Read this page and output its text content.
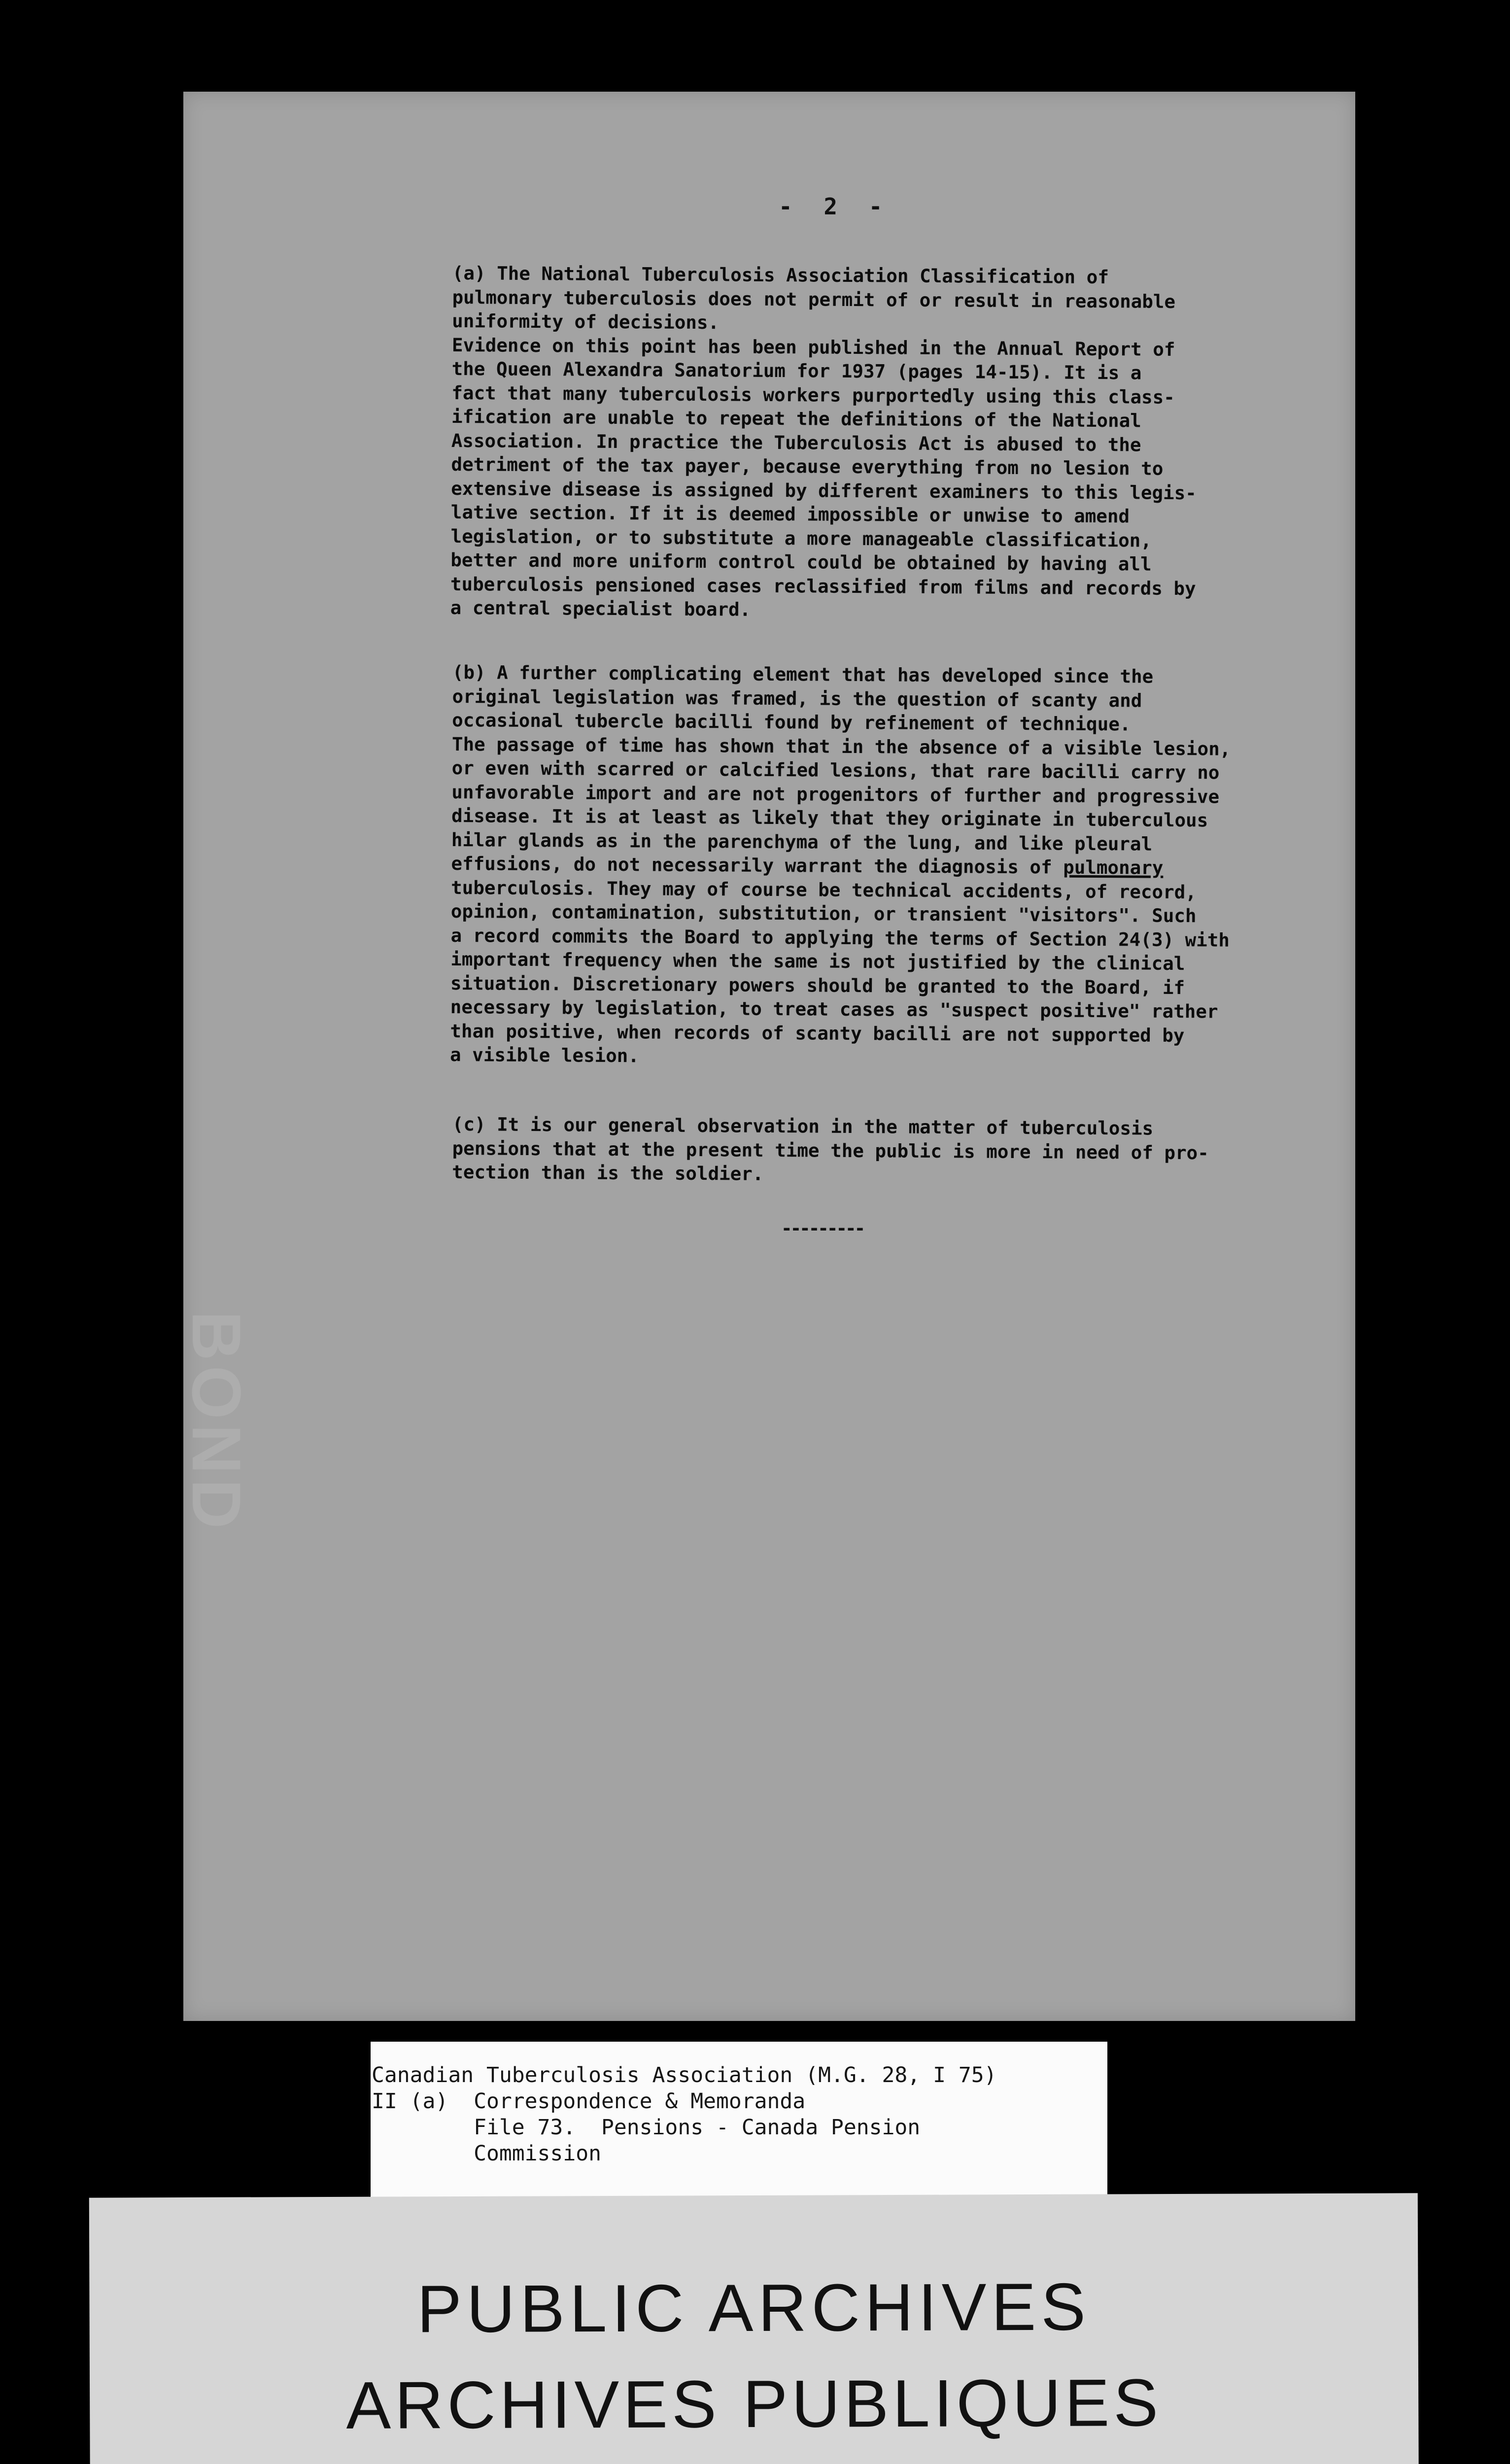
BOND
- 2 -
(a) The National Tuberculosis Association Classification of
pulmonary tuberculosis does not permit of or result in reasonable
uniformity of decisions.
Evidence on this point has been published in the Annual Report of
the Queen Alexandra Sanatorium for 1937 (pages 14-15). It is a
fact that many tuberculosis workers purportedly using this class-
ification are unable to repeat the definitions of the National
Association. In practice the Tuberculosis Act is abused to the
detriment of the tax payer, because everything from no lesion to
extensive disease is assigned by different examiners to this legis-
lative section. If it is deemed impossible or unwise to amend
legislation, or to substitute a more manageable classification,
better and more uniform control could be obtained by having all
tuberculosis pensioned cases reclassified from films and records by
a central specialist board.
(b) A further complicating element that has developed since the
original legislation was framed, is the question of scanty and
occasional tubercle bacilli found by refinement of technique.
The passage of time has shown that in the absence of a visible lesion,
or even with scarred or calcified lesions, that rare bacilli carry no
unfavorable import and are not progenitors of further and progressive
disease. It is at least as likely that they originate in tuberculous
hilar glands as in the parenchyma of the lung, and like pleural
effusions, do not necessarily warrant the diagnosis of pulmonary
tuberculosis. They may of course be technical accidents, of record,
opinion, contamination, substitution, or transient "visitors". Such
a record commits the Board to applying the terms of Section 24(3) with
important frequency when the same is not justified by the clinical
situation. Discretionary powers should be granted to the Board, if
necessary by legislation, to treat cases as "suspect positive" rather
than positive, when records of scanty bacilli are not supported by
a visible lesion.
(c) It is our general observation in the matter of tuberculosis
pensions that at the present time the public is more in need of pro-
tection than is the soldier.
---------
Canadian Tuberculosis Association (M.G. 28, I 75)
II (a)  Correspondence & Memoranda
File 73.  Pensions - Canada Pension
Commission
PUBLIC ARCHIVES
ARCHIVES PUBLIQUES
